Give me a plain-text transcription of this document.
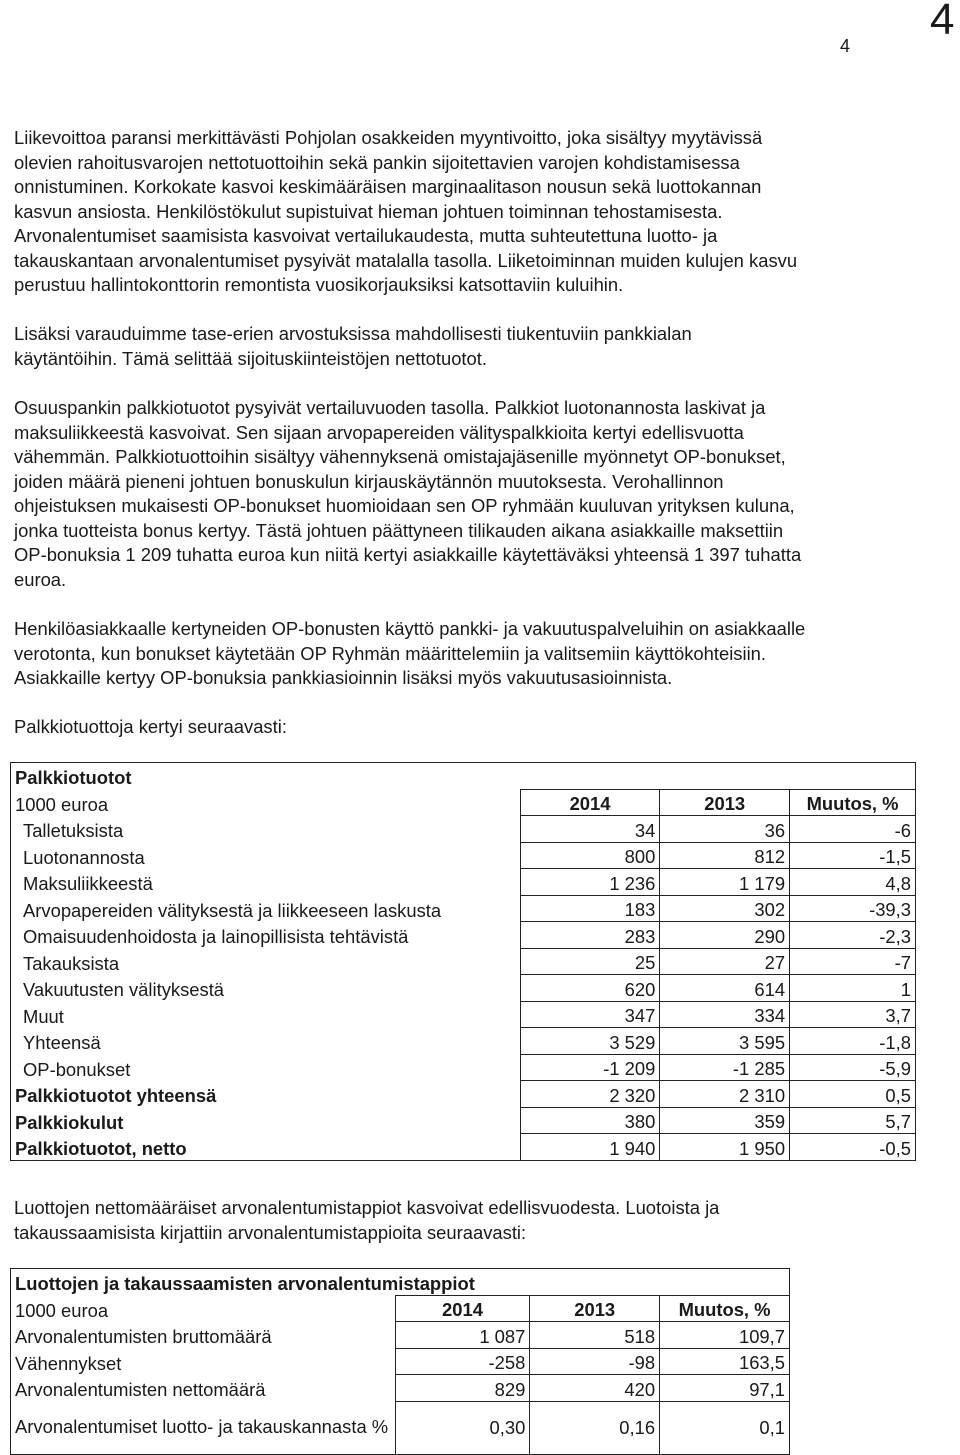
4
4

Liikevoittoa paransi merkittävästi Pohjolan osakkeiden myyntivoitto, joka sisältyy myytävissä
olevien rahoitusvarojen nettotuottoihin sekä pankin sijoitettavien varojen kohdistamisessa
onnistuminen. Korkokate kasvoi keskimääräisen marginaalitason nousun sekä luottokannan
kasvun ansiosta. Henkilöstökulut supistuivat hieman johtuen toiminnan tehostamisesta.
Arvonalentumiset saamisista kasvoivat vertailukaudesta, mutta suhteutettuna luotto- ja
takauskantaan arvonalentumiset pysyivät matalalla tasolla. Liiketoiminnan muiden kulujen kasvu
perustuu hallintokonttorin remontista vuosikorjauksiksi katsottaviin kuluihin.

Lisäksi varauduimme tase-erien arvostuksissa mahdollisesti tiukentuviin pankkialan
käytäntöihin. Tämä selittää sijoituskiinteistöjen nettotuotot.

Osuuspankin palkkiotuotot pysyivät vertailuvuoden tasolla. Palkkiot luotonannosta laskivat ja
maksuliikkeestä kasvoivat. Sen sijaan arvopapereiden välityspalkkioita kertyi edellisvuotta
vähemmän. Palkkiotuottoihin sisältyy vähennyksenä omistajajäsenille myönnetyt OP-bonukset,
joiden määrä pieneni johtuen bonuskulun kirjauskäytännön muutoksesta. Verohallinnon
ohjeistuksen mukaisesti OP-bonukset huomioidaan sen OP ryhmään kuuluvan yrityksen kuluna,
jonka tuotteista bonus kertyy. Tästä johtuen päättyneen tilikauden aikana asiakkaille maksettiin
OP-bonuksia 1 209 tuhatta euroa kun niitä kertyi asiakkaille käytettäväksi yhteensä 1 397 tuhatta
euroa.

Henkilöasiakkaalle kertyneiden OP-bonusten käyttö pankki- ja vakuutuspalveluihin on asiakkaalle
verotonta, kun bonukset käytetään OP Ryhmän määrittelemiin ja valitsemiin käyttökohteisiin.
Asiakkaille kertyy OP-bonuksia pankkiasioinnin lisäksi myös vakuutusasioinnista.

Palkkiotuottoja kertyi seuraavasti:

Palkkiotuotot			
1000 euroa	2014	2013	Muutos, %
Talletuksista	34	36	-6
Luotonannosta	800	812	-1,5
Maksuliikkeestä	1 236	1 179	4,8
Arvopapereiden välityksestä ja liikkeeseen laskusta	183	302	-39,3
Omaisuudenhoidosta ja lainopillisista tehtävistä	283	290	-2,3
Takauksista	25	27	-7
Vakuutusten välityksestä	620	614	1
Muut	347	334	3,7
Yhteensä	3 529	3 595	-1,8
OP-bonukset	-1 209	-1 285	-5,9
Palkkiotuotot yhteensä	2 320	2 310	0,5
Palkkiokulut	380	359	5,7
Palkkiotuotot, netto	1 940	1 950	-0,5

Luottojen nettomääräiset arvonalentumistappiot kasvoivat edellisvuodesta. Luotoista ja
takaussaamisista kirjattiin arvonalentumistappioita seuraavasti:

Luottojen ja takaussaamisten arvonalentumistappiot			
1000 euroa	2014	2013	Muutos, %
Arvonalentumisten bruttomäärä	1 087	518	109,7
Vähennykset	-258	-98	163,5
Arvonalentumisten nettomäärä	829	420	97,1
Arvonalentumiset luotto- ja takauskannasta %	0,30	0,16	0,1
